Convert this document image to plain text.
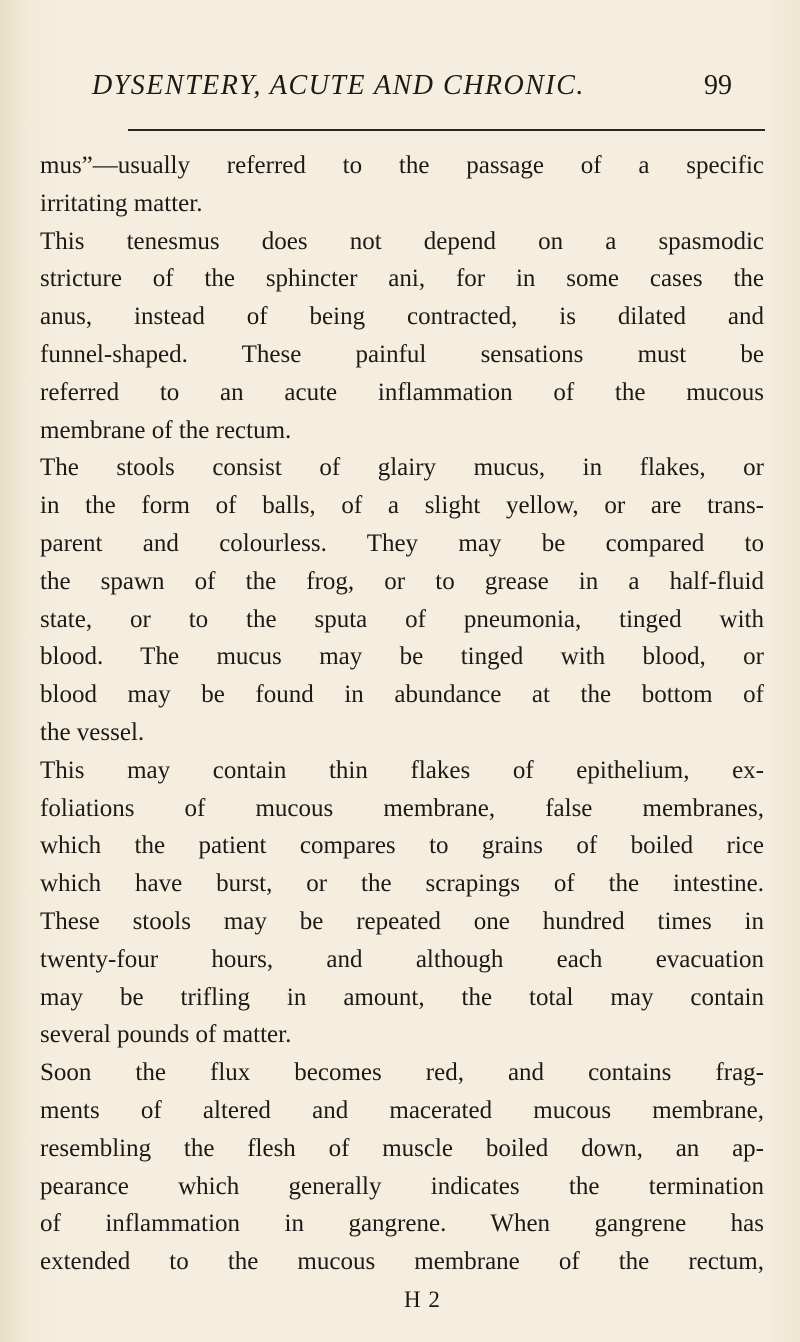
DYSENTERY, ACUTE AND CHRONIC.	99
mus”—usually referred to the passage of a specific
irritating matter.
This tenesmus does not depend on a spasmodic
stricture of the sphincter ani, for in some cases the
anus, instead of being contracted, is dilated and
funnel-shaped. These painful sensations must be
referred to an acute inflammation of the mucous
membrane of the rectum.
The stools consist of glairy mucus, in flakes, or
in the form of balls, of a slight yellow, or are trans-
parent and colourless. They may be compared to
the spawn of the frog, or to grease in a half-fluid
state, or to the sputa of pneumonia, tinged with
blood. The mucus may be tinged with blood, or
blood may be found in abundance at the bottom of
the vessel.
This may contain thin flakes of epithelium, ex-
foliations of mucous membrane, false membranes,
which the patient compares to grains of boiled rice
which have burst, or the scrapings of the intestine.
These stools may be repeated one hundred times in
twenty-four hours, and although each evacuation
may be trifling in amount, the total may contain
several pounds of matter.
Soon the flux becomes red, and contains frag-
ments of altered and macerated mucous membrane,
resembling the flesh of muscle boiled down, an ap-
pearance which generally indicates the termination
of inflammation in gangrene. When gangrene has
extended to the mucous membrane of the rectum,
H 2
